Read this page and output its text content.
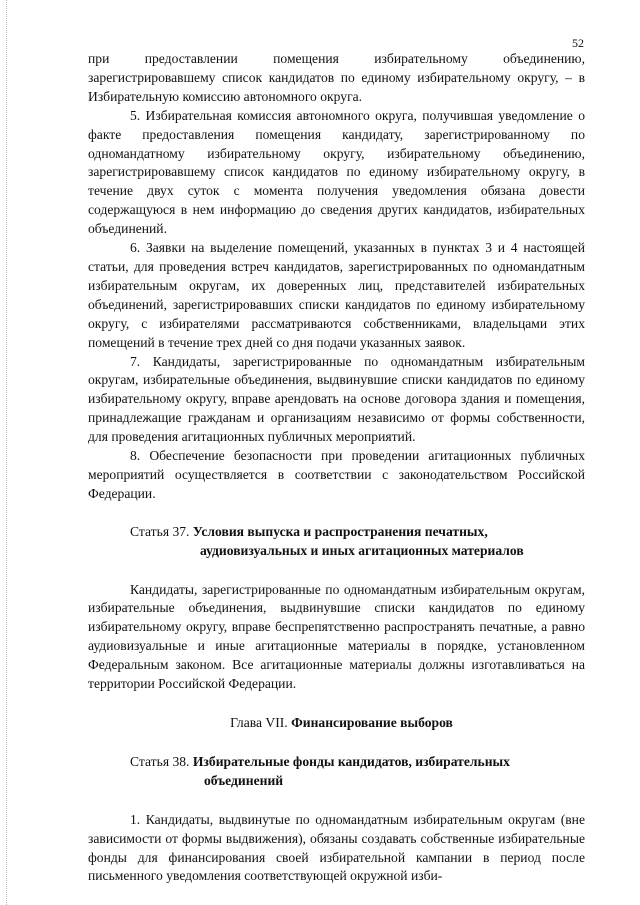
52

при предоставлении помещения избирательному объединению, зарегистрировавшему список кандидатов по единому избирательному округу, – в Избирательную комиссию автономного округа.

5. Избирательная комиссия автономного округа, получившая уведомление о факте предоставления помещения кандидату, зарегистрированному по одномандатному избирательному округу, избирательному объединению, зарегистрировавшему список кандидатов по единому избирательному округу, в течение двух суток с момента получения уведомления обязана довести содержащуюся в нем информацию до сведения других кандидатов, избирательных объединений.

6. Заявки на выделение помещений, указанных в пунктах 3 и 4 настоящей статьи, для проведения встреч кандидатов, зарегистрированных по одномандатным избирательным округам, их доверенных лиц, представителей избирательных объединений, зарегистрировавших списки кандидатов по единому избирательному округу, с избирателями рассматриваются собственниками, владельцами этих помещений в течение трех дней со дня подачи указанных заявок.

7. Кандидаты, зарегистрированные по одномандатным избирательным округам, избирательные объединения, выдвинувшие списки кандидатов по единому избирательному округу, вправе арендовать на основе договора здания и помещения, принадлежащие гражданам и организациям независимо от формы собственности, для проведения агитационных публичных мероприятий.

8. Обеспечение безопасности при проведении агитационных публичных мероприятий осуществляется в соответствии с законодательством Российской Федерации.

Статья 37. Условия выпуска и распространения печатных, аудиовизуальных и иных агитационных материалов

Кандидаты, зарегистрированные по одномандатным избирательным округам, избирательные объединения, выдвинувшие списки кандидатов по единому избирательному округу, вправе беспрепятственно распространять печатные, а равно аудиовизуальные и иные агитационные материалы в порядке, установленном Федеральным законом. Все агитационные материалы должны изготавливаться на территории Российской Федерации.

Глава VII. Финансирование выборов
Статья 38. Избирательные фонды кандидатов, избирательных объединений

1. Кандидаты, выдвинутые по одномандатным избирательным округам (вне зависимости от формы выдвижения), обязаны создавать собственные избирательные фонды для финансирования своей избирательной кампании в период после письменного уведомления соответствующей окружной изби-
